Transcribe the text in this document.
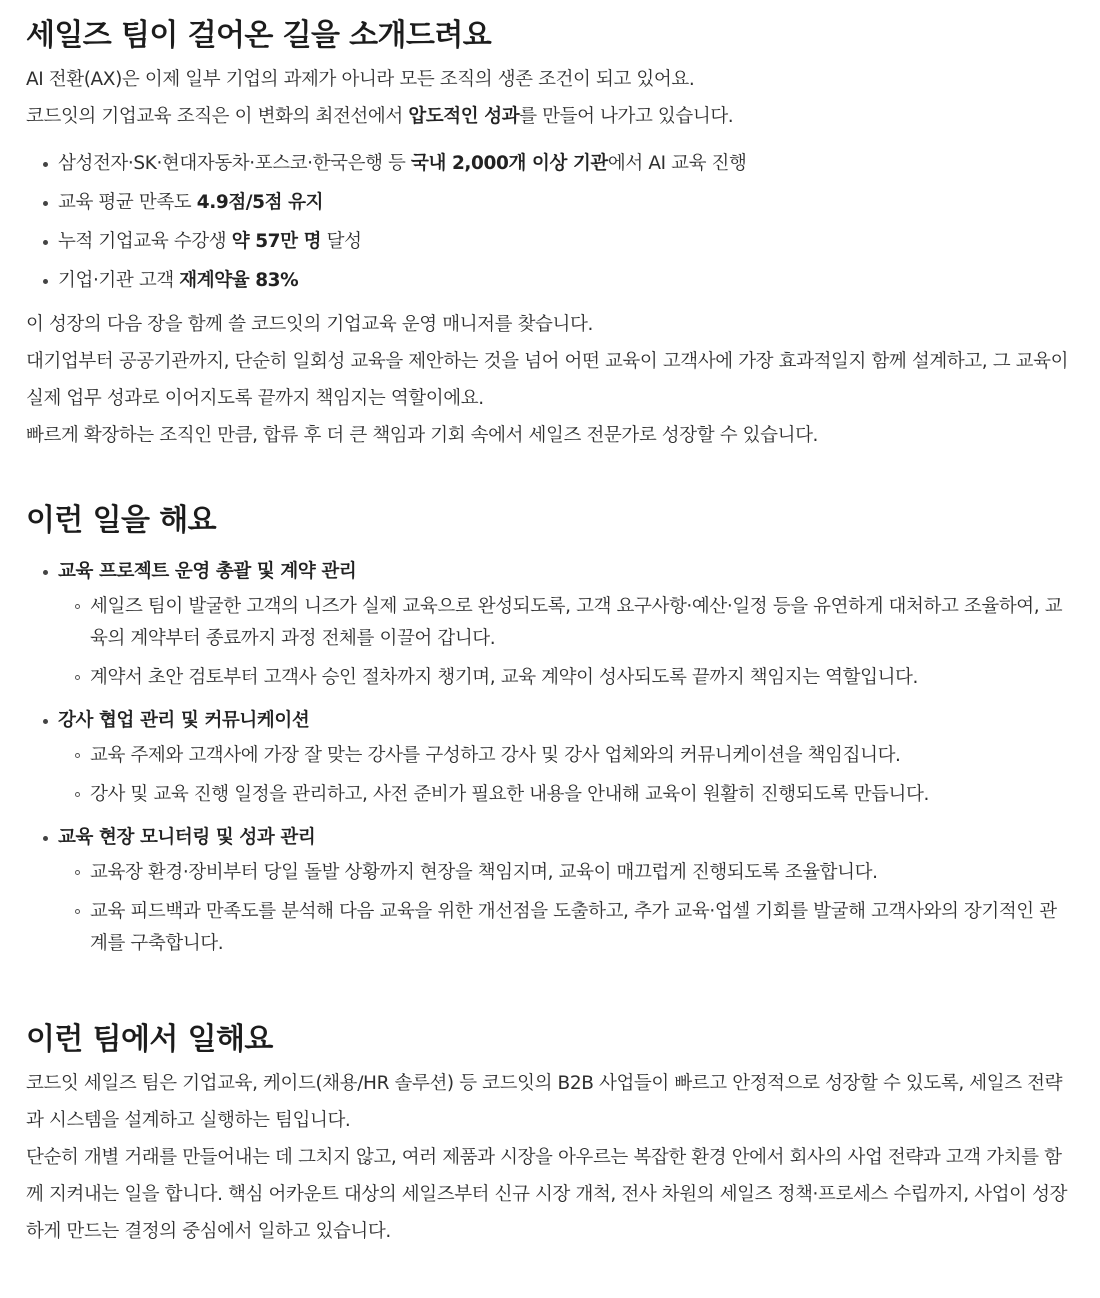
세일즈 팀이 걸어온 길을 소개드려요

AI 전환(AX)은 이제 일부 기업의 과제가 아니라 모든 조직의 생존 조건이 되고 있어요.

코드잇의 기업교육 조직은 이 변화의 최전선에서 압도적인 성과를 만들어 나가고 있습니다.

삼성전자·SK·현대자동차·포스코·한국은행 등 국내 2,000개 이상 기관에서 AI 교육 진행
교육 평균 만족도 4.9점/5점 유지
누적 기업교육 수강생 약 57만 명 달성
기업·기관 고객 재계약율 83%

이 성장의 다음 장을 함께 쓸 코드잇의 기업교육 운영 매니저를 찾습니다.

대기업부터 공공기관까지, 단순히 일회성 교육을 제안하는 것을 넘어 어떤 교육이 고객사에 가장 효과적일지 함께 설계하고, 그 교육이 실제 업무 성과로 이어지도록 끝까지 책임지는 역할이에요.

빠르게 확장하는 조직인 만큼, 합류 후 더 큰 책임과 기회 속에서 세일즈 전문가로 성장할 수 있습니다.

이런 일을 해요
교육 프로젝트 운영 총괄 및 계약 관리
세일즈 팀이 발굴한 고객의 니즈가 실제 교육으로 완성되도록, 고객 요구사항·예산·일정 등을 유연하게 대처하고 조율하여, 교육의 계약부터 종료까지 과정 전체를 이끌어 갑니다.
계약서 초안 검토부터 고객사 승인 절차까지 챙기며, 교육 계약이 성사되도록 끝까지 책임지는 역할입니다.
강사 협업 관리 및 커뮤니케이션
교육 주제와 고객사에 가장 잘 맞는 강사를 구성하고 강사 및 강사 업체와의 커뮤니케이션을 책임집니다.
강사 및 교육 진행 일정을 관리하고, 사전 준비가 필요한 내용을 안내해 교육이 원활히 진행되도록 만듭니다.
교육 현장 모니터링 및 성과 관리
교육장 환경·장비부터 당일 돌발 상황까지 현장을 책임지며, 교육이 매끄럽게 진행되도록 조율합니다.
교육 피드백과 만족도를 분석해 다음 교육을 위한 개선점을 도출하고, 추가 교육·업셀 기회를 발굴해 고객사와의 장기적인 관계를 구축합니다.
이런 팀에서 일해요

코드잇 세일즈 팀은 기업교육, 케이드(채용/HR 솔루션) 등 코드잇의 B2B 사업들이 빠르고 안정적으로 성장할 수 있도록, 세일즈 전략과 시스템을 설계하고 실행하는 팀입니다.

단순히 개별 거래를 만들어내는 데 그치지 않고, 여러 제품과 시장을 아우르는 복잡한 환경 안에서 회사의 사업 전략과 고객 가치를 함께 지켜내는 일을 합니다. 핵심 어카운트 대상의 세일즈부터 신규 시장 개척, 전사 차원의 세일즈 정책·프로세스 수립까지, 사업이 성장하게 만드는 결정의 중심에서 일하고 있습니다.
